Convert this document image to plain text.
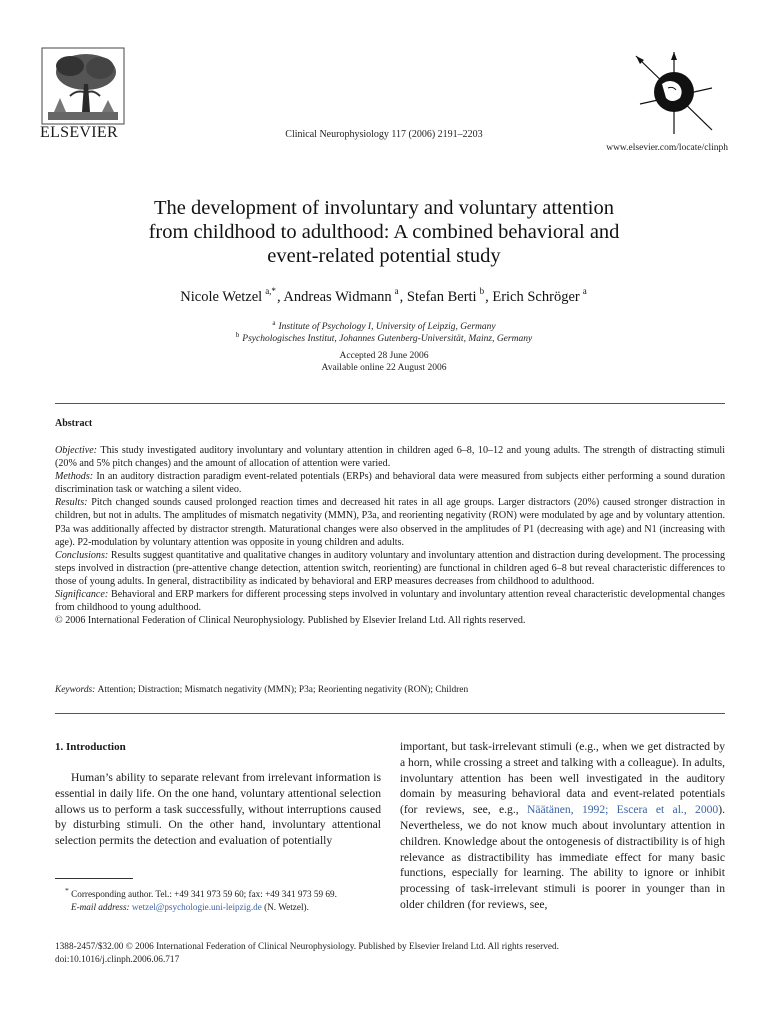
ELSEVIER	Clinical Neurophysiology 117 (2006) 2191–2203
www.elsevier.com/locate/clinph
The development of involuntary and voluntary attention
from childhood to adulthood: A combined behavioral and
event-related potential study
Nicole Wetzel $^{a,*}$, Andreas Widmann $^a$, Stefan Berti $^b$, Erich Schröger $^a$
$^a$ Institute of Psychology I, University of Leipzig, Germany
$^b$ Psychologisches Institut, Johannes Gutenberg-Universität, Mainz, Germany
Accepted 28 June 2006
Available online 22 August 2006
Abstract

Objective: This study investigated auditory involuntary and voluntary attention in children aged 6–8, 10–12 and young adults. The strength of distracting stimuli (20% and 5% pitch changes) and the amount of allocation of attention were varied.

Methods: In an auditory distraction paradigm event-related potentials (ERPs) and behavioral data were measured from subjects either performing a sound duration discrimination task or watching a silent video.

Results: Pitch changed sounds caused prolonged reaction times and decreased hit rates in all age groups. Larger distractors (20%) caused stronger distraction in children, but not in adults. The amplitudes of mismatch negativity (MMN), P3a, and reorienting negativity (RON) were modulated by age and by voluntary attention. P3a was additionally affected by distractor strength. Maturational changes were also observed in the amplitudes of P1 (decreasing with age) and N1 (increasing with age). P2-modulation by voluntary attention was opposite in young children and adults.

Conclusions: Results suggest quantitative and qualitative changes in auditory voluntary and involuntary attention and distraction during development. The processing steps involved in distraction (pre-attentive change detection, attention switch, reorienting) are functional in children aged 6–8 but reveal characteristic differences to those of young adults. In general, distractibility as indicated by behavioral and ERP measures decreases from childhood to adulthood.

Significance: Behavioral and ERP markers for different processing steps involved in voluntary and involuntary attention reveal characteristic developmental changes from childhood to young adulthood.

© 2006 International Federation of Clinical Neurophysiology. Published by Elsevier Ireland Ltd. All rights reserved.

Keywords: Attention; Distraction; Mismatch negativity (MMN); P3a; Reorienting negativity (RON); Children
1. Introduction

Human’s ability to separate relevant from irrelevant information is essential in daily life. On the one hand, voluntary attentional selection allows us to perform a task successfully, without interruptions caused by disturbing stimuli. On the other hand, involuntary attentional selection permits the detection and evaluation of potentially

important, but task-irrelevant stimuli (e.g., when we get distracted by a horn, while crossing a street and talking with a colleague). In adults, involuntary attention has been well investigated in the auditory domain by measuring behavioral data and event-related potentials (for reviews, see, e.g., Näätänen, 1992; Escera et al., 2000). Nevertheless, we do not know much about involuntary attention in children. Knowledge about the ontogenesis of distractibility is of high relevance as distractibility has immediate effect for many basic functions, especially for learning. The ability to ignore or inhibit processing of task-irrelevant stimuli is poorer in younger than in older children (for reviews, see,

* Corresponding author. Tel.: +49 341 973 59 60; fax: +49 341 973 59 69.
E-mail address: wetzel@psychologie.uni-leipzig.de (N. Wetzel).
1388-2457/$32.00 © 2006 International Federation of Clinical Neurophysiology. Published by Elsevier Ireland Ltd. All rights reserved.
doi:10.1016/j.clinph.2006.06.717
